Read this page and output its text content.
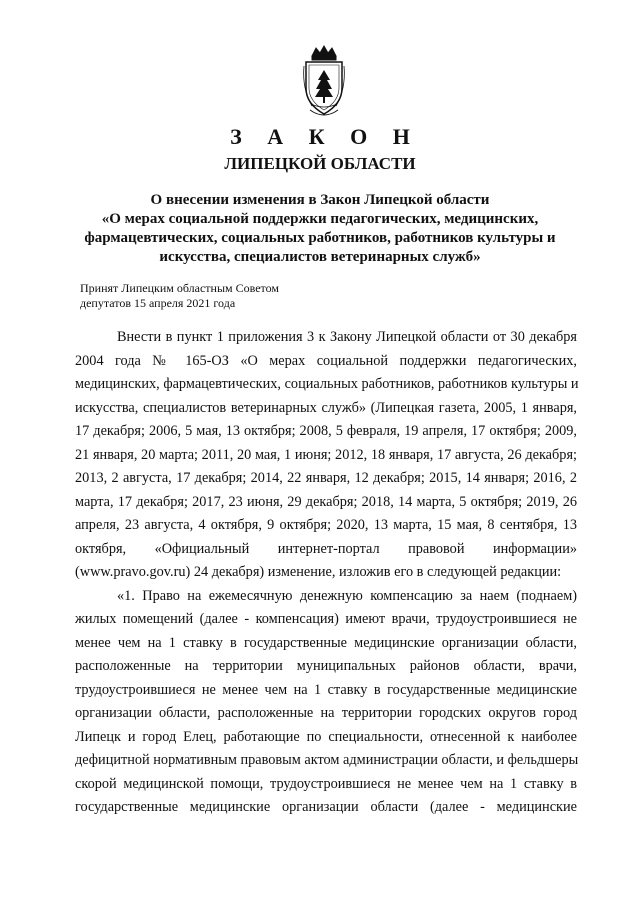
З А К О Н
ЛИПЕЦКОЙ ОБЛАСТИ
О внесении изменения в Закон Липецкой области
«О мерах социальной поддержки педагогических, медицинских,
фармацевтических, социальных работников, работников культуры и
искусства, специалистов ветеринарных служб»
Принят Липецким областным Советом
депутатов 15 апреля 2021 года
Внести в пункт 1 приложения 3 к Закону Липецкой области от 30 декабря
2004 года № 165-ОЗ «О мерах социальной поддержки педагогических,
медицинских, фармацевтических, социальных работников, работников культуры и
искусства, специалистов ветеринарных служб» (Липецкая газета, 2005, 1 января,
17 декабря; 2006, 5 мая, 13 октября; 2008, 5 февраля, 19 апреля, 17 октября; 2009,
21 января, 20 марта; 2011, 20 мая, 1 июня; 2012, 18 января, 17 августа, 26 декабря;
2013, 2 августа, 17 декабря; 2014, 22 января, 12 декабря; 2015, 14 января; 2016, 2
марта, 17 декабря; 2017, 23 июня, 29 декабря; 2018, 14 марта, 5 октября; 2019, 26
апреля, 23 августа, 4 октября, 9 октября; 2020, 13 марта, 15 мая, 8 сентября, 13
октября, «Официальный интернет-портал правовой информации»
(www.pravo.gov.ru) 24 декабря) изменение, изложив его в следующей редакции:
«1. Право на ежемесячную денежную компенсацию за наем (поднаем)
жилых помещений (далее - компенсация) имеют врачи, трудоустроившиеся не
менее чем на 1 ставку в государственные медицинские организации области,
расположенные на территории муниципальных районов области, врачи,
трудоустроившиеся не менее чем на 1 ставку в государственные медицинские
организации области, расположенные на территории городских округов город
Липецк и город Елец, работающие по специальности, отнесенной к наиболее
дефицитной нормативным правовым актом администрации области, и фельдшеры
скорой медицинской помощи, трудоустроившиеся не менее чем на 1 ставку в
государственные медицинские организации области (далее - медицинские
